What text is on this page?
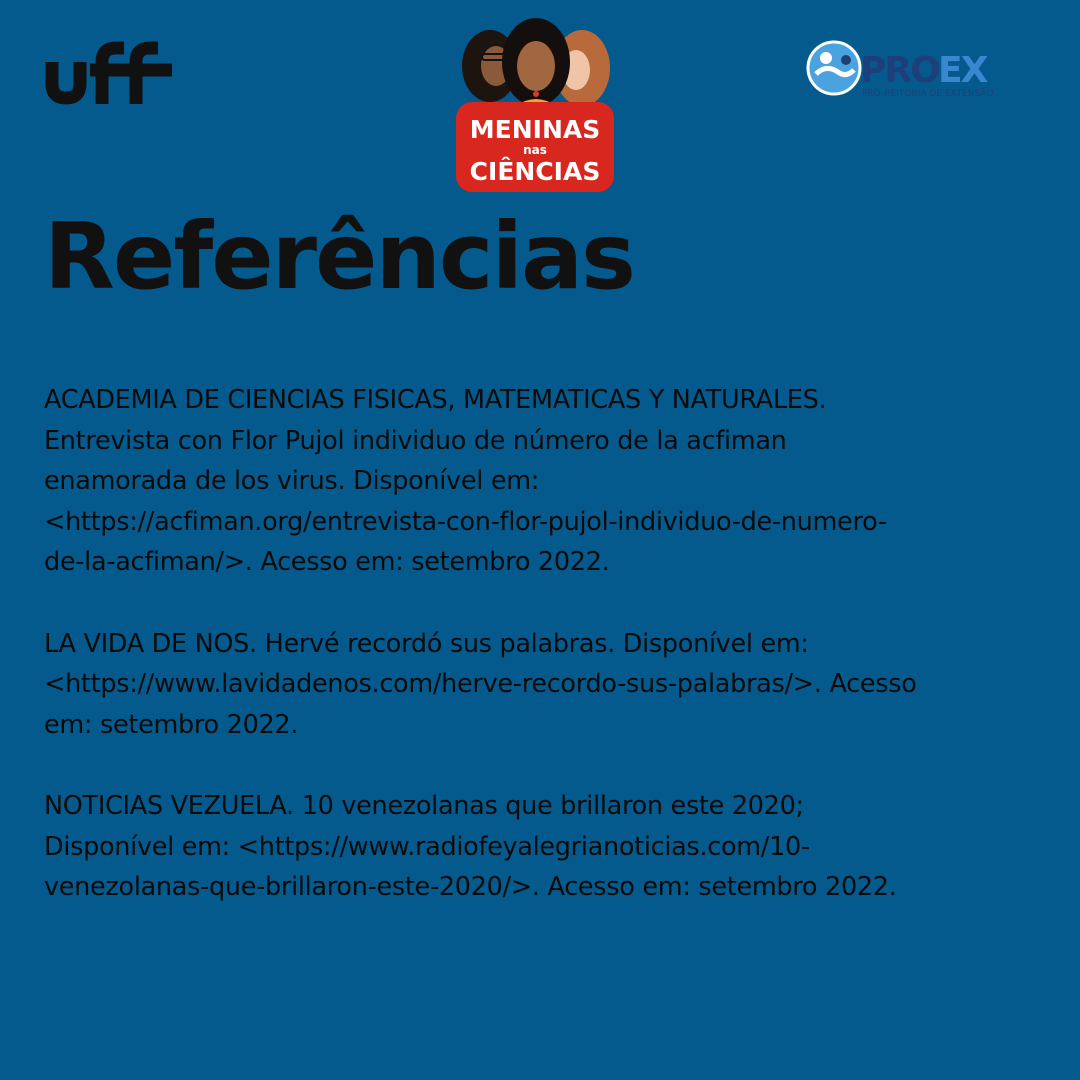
MENINAS
nas
CIÊNCIAS
PRO EX
PRÓ-REITORIA DE EXTENSÃO
Referências

ACADEMIA DE CIENCIAS FISICAS, MATEMATICAS Y NATURALES.
Entrevista con Flor Pujol individuo de número de la acfiman
enamorada de los virus. Disponível em:
<https://acfiman.org/entrevista-con-flor-pujol-individuo-de-numero-
de-la-acfiman/>. Acesso em: setembro 2022.

LA VIDA DE NOS. Hervé recordó sus palabras. Disponível em:
<https://www.lavidadenos.com/herve-recordo-sus-palabras/>. Acesso
em: setembro 2022.

NOTICIAS VEZUELA. 10 venezolanas que brillaron este 2020;
Disponível em: <https://www.radiofeyalegrianoticias.com/10-
venezolanas-que-brillaron-este-2020/>. Acesso em: setembro 2022.
